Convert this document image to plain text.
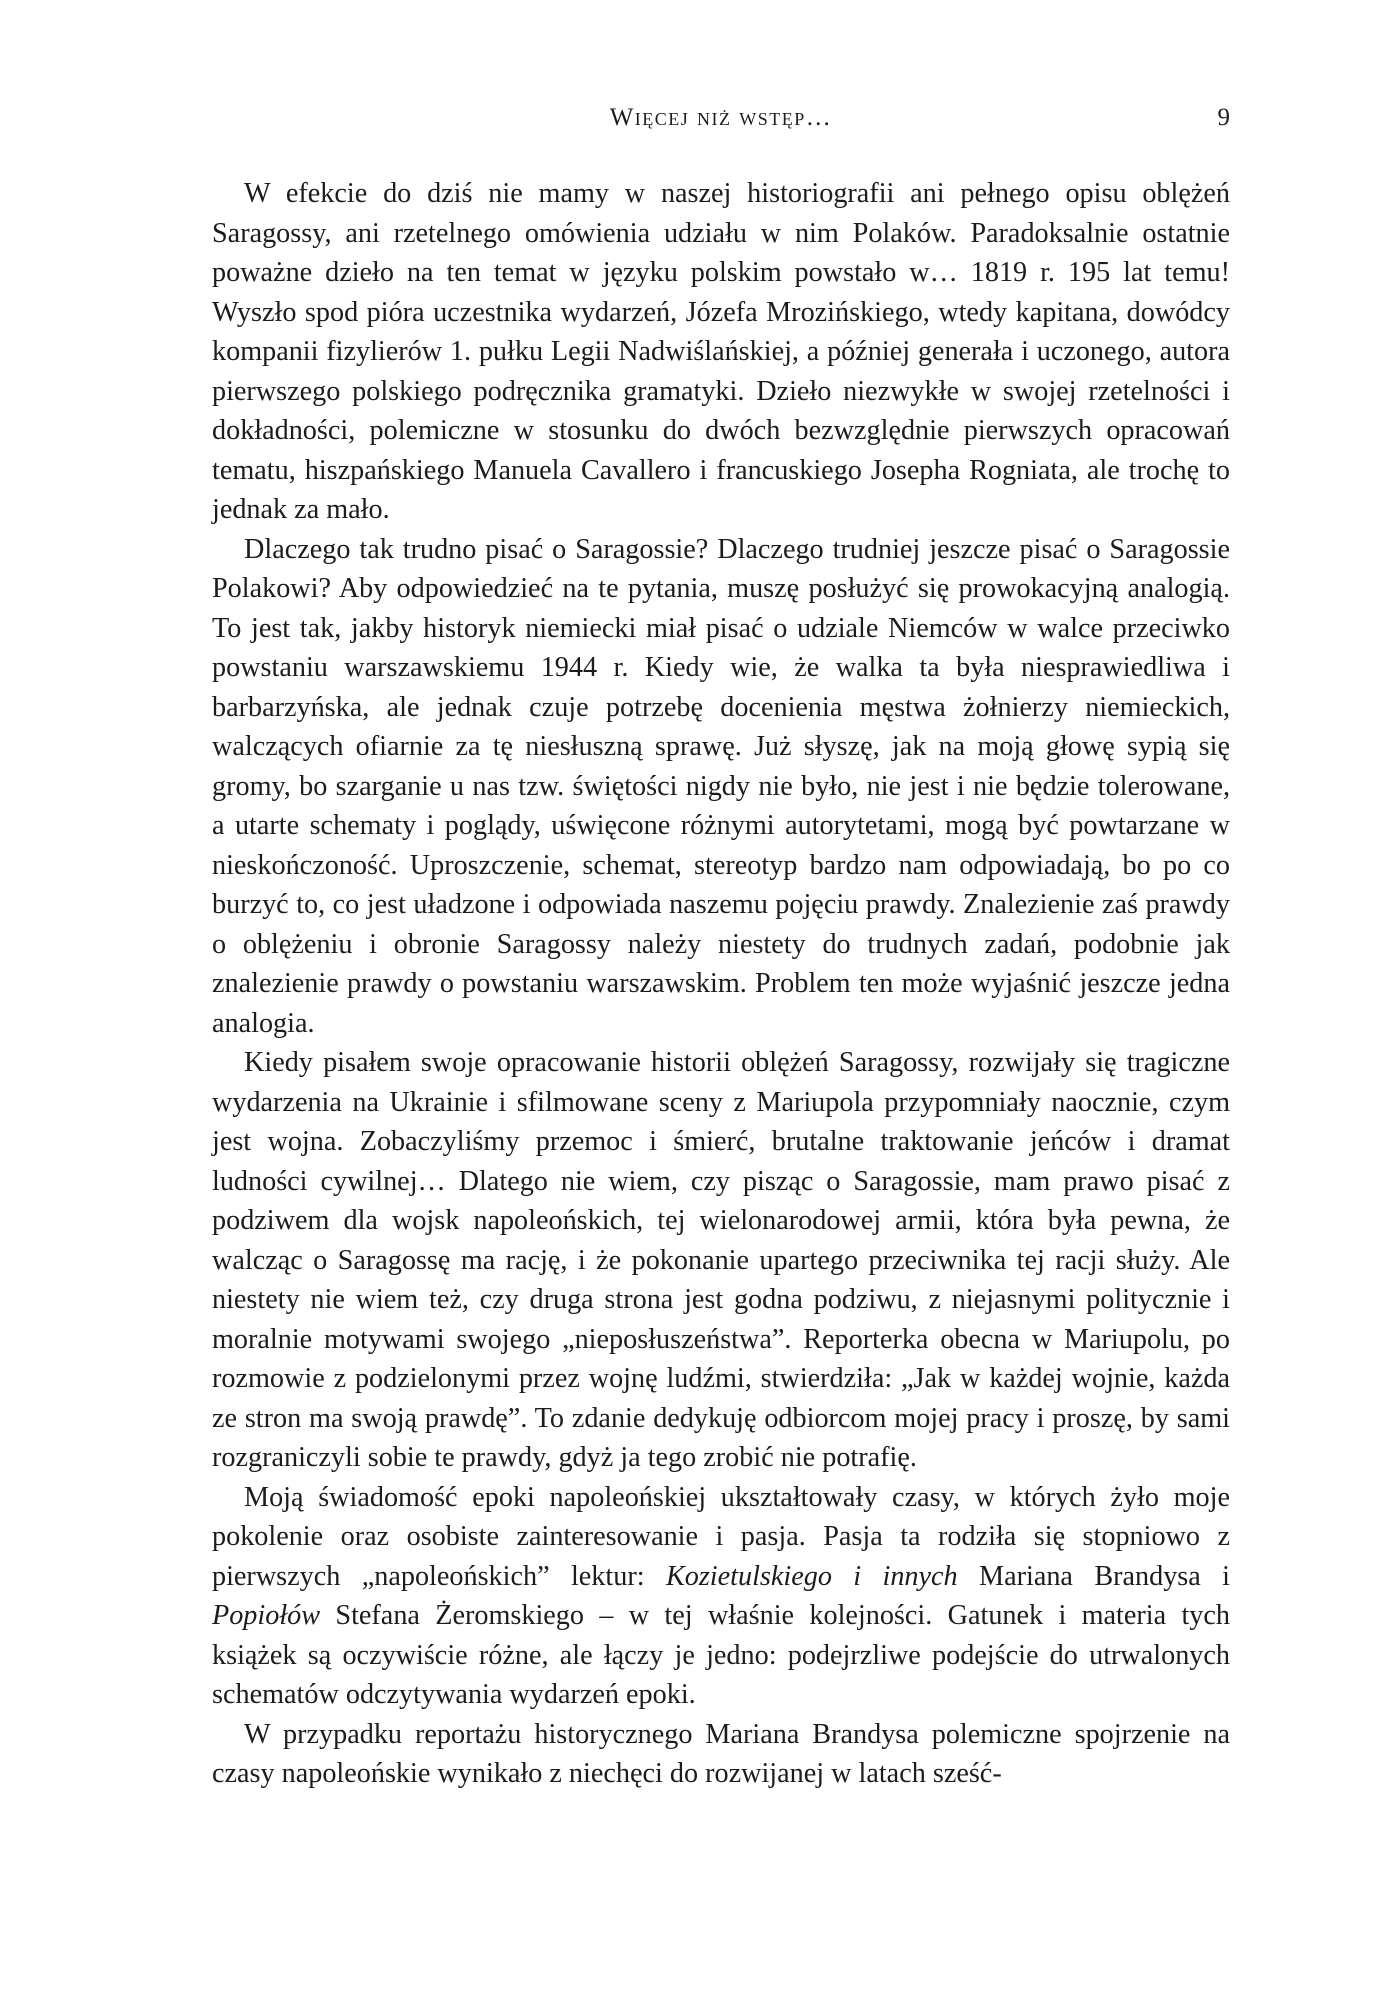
Więcej niż wstęp…	9

W efekcie do dziś nie mamy w naszej historiografii ani pełnego opisu oblężeń Saragossy, ani rzetelnego omówienia udziału w nim Polaków. Paradoksalnie ostatnie poważne dzieło na ten temat w języku polskim powstało w… 1819 r. 195 lat temu! Wyszło spod pióra uczestnika wydarzeń, Józefa Mrozińskiego, wtedy kapitana, dowódcy kompanii fizylierów 1. pułku Legii Nadwiślańskiej, a później generała i uczonego, autora pierwszego polskiego podręcznika gramatyki. Dzieło niezwykłe w swojej rzetelności i dokładności, polemiczne w stosunku do dwóch bezwzględnie pierwszych opracowań tematu, hiszpańskiego Manuela Cavallero i francuskiego Josepha Rogniata, ale trochę to jednak za mało.

Dlaczego tak trudno pisać o Saragossie? Dlaczego trudniej jeszcze pisać o Saragossie Polakowi? Aby odpowiedzieć na te pytania, muszę posłużyć się prowokacyjną analogią. To jest tak, jakby historyk niemiecki miał pisać o udziale Niemców w walce przeciwko powstaniu warszawskiemu 1944 r. Kiedy wie, że walka ta była niesprawiedliwa i barbarzyńska, ale jednak czuje potrzebę docenienia męstwa żołnierzy niemieckich, walczących ofiarnie za tę niesłuszną sprawę. Już słyszę, jak na moją głowę sypią się gromy, bo szarganie u nas tzw. świętości nigdy nie było, nie jest i nie będzie tolerowane, a utarte schematy i poglądy, uświęcone różnymi autorytetami, mogą być powtarzane w nieskończoność. Uproszczenie, schemat, stereotyp bardzo nam odpowiadają, bo po co burzyć to, co jest uładzone i odpowiada naszemu pojęciu prawdy. Znalezienie zaś prawdy o oblężeniu i obronie Saragossy należy niestety do trudnych zadań, podobnie jak znalezienie prawdy o powstaniu warszawskim. Problem ten może wyjaśnić jeszcze jedna analogia.

Kiedy pisałem swoje opracowanie historii oblężeń Saragossy, rozwijały się tragiczne wydarzenia na Ukrainie i sfilmowane sceny z Mariupola przypomniały naocznie, czym jest wojna. Zobaczyliśmy przemoc i śmierć, brutalne traktowanie jeńców i dramat ludności cywilnej… Dlatego nie wiem, czy pisząc o Saragossie, mam prawo pisać z podziwem dla wojsk napoleońskich, tej wielonarodowej armii, która była pewna, że walcząc o Saragossę ma rację, i że pokonanie upartego przeciwnika tej racji służy. Ale niestety nie wiem też, czy druga strona jest godna podziwu, z niejasnymi politycznie i moralnie motywami swojego „nieposłuszeństwa”. Reporterka obecna w Mariupolu, po rozmowie z podzielonymi przez wojnę ludźmi, stwierdziła: „Jak w każdej wojnie, każda ze stron ma swoją prawdę”. To zdanie dedykuję odbiorcom mojej pracy i proszę, by sami rozgraniczyli sobie te prawdy, gdyż ja tego zrobić nie potrafię.

Moją świadomość epoki napoleońskiej ukształtowały czasy, w których żyło moje pokolenie oraz osobiste zainteresowanie i pasja. Pasja ta rodziła się stopniowo z pierwszych „napoleońskich” lektur: Kozietulskiego i innych Mariana Brandysa i Popiołów Stefana Żeromskiego – w tej właśnie kolejności. Gatunek i materia tych książek są oczywiście różne, ale łączy je jedno: podejrzliwe podejście do utrwalonych schematów odczytywania wydarzeń epoki.

W przypadku reportażu historycznego Mariana Brandysa polemiczne spojrzenie na czasy napoleońskie wynikało z niechęci do rozwijanej w latach sześć-
